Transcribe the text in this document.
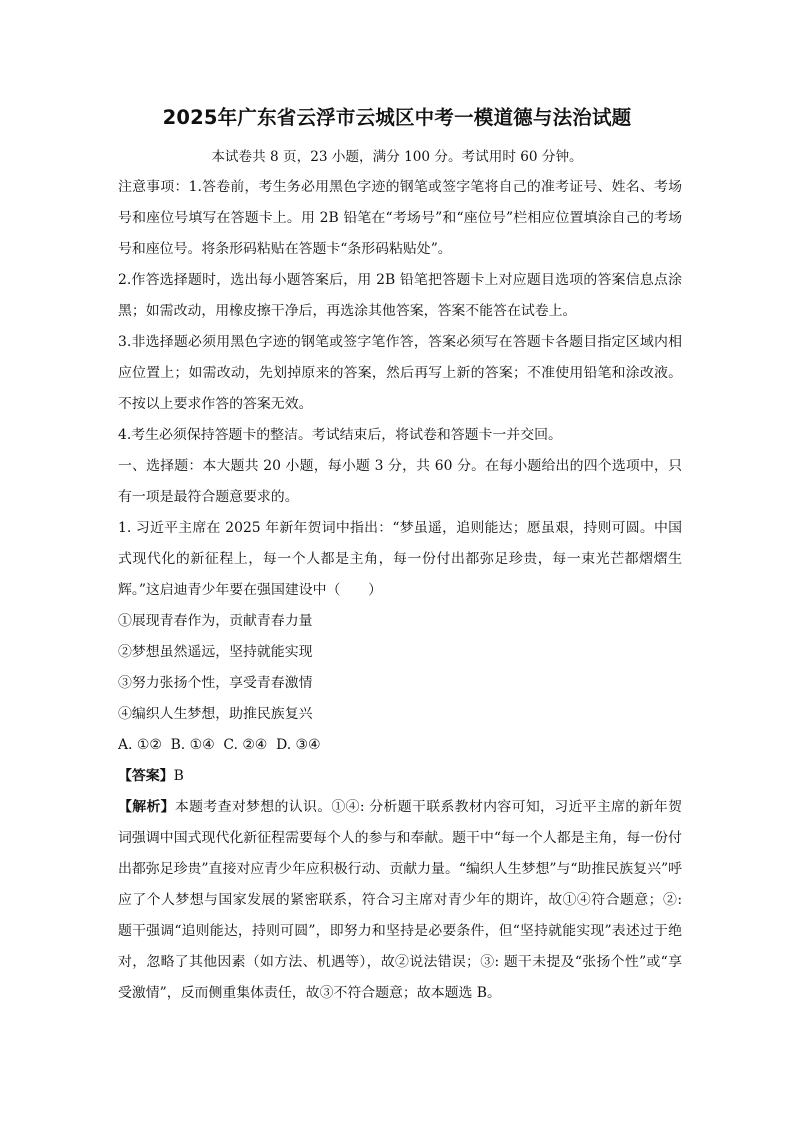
2025年广东省云浮市云城区中考一模道德与法治试题

本试卷共 8 页，23 小题，满分 100 分。考试用时 60 分钟。

注意事项：1.答卷前，考生务必用黑色字迹的钢笔或签字笔将自己的准考证号、姓名、考场号和座位号填写在答题卡上。用 2B 铅笔在“考场号”和“座位号”栏相应位置填涂自己的考场号和座位号。将条形码粘贴在答题卡“条形码粘贴处”。

2.作答选择题时，选出每小题答案后，用 2B 铅笔把答题卡上对应题目选项的答案信息点涂黑；如需改动，用橡皮擦干净后，再选涂其他答案，答案不能答在试卷上。

3.非选择题必须用黑色字迹的钢笔或签字笔作答，答案必须写在答题卡各题目指定区域内相应位置上；如需改动，先划掉原来的答案，然后再写上新的答案；不准使用铅笔和涂改液。不按以上要求作答的答案无效。

4.考生必须保持答题卡的整洁。考试结束后，将试卷和答题卡一并交回。

一、选择题：本大题共 20 小题，每小题 3 分，共 60 分。在每小题给出的四个选项中，只有一项是最符合题意要求的。

1. 习近平主席在 2025 年新年贺词中指出：“梦虽遥，追则能达；愿虽艰，持则可圆。中国式现代化的新征程上，每一个人都是主角，每一份付出都弥足珍贵，每一束光芒都熠熠生辉。”这启迪青少年要在强国建设中（　　）

①展现青春作为，贡献青春力量

②梦想虽然遥远，坚持就能实现

③努力张扬个性，享受青春激情

④编织人生梦想，助推民族复兴

A. ①②  B. ①④  C. ②④  D. ③④

【答案】B

【解析】本题考查对梦想的认识。①④: 分析题干联系教材内容可知，习近平主席的新年贺词强调中国式现代化新征程需要每个人的参与和奉献。题干中“每一个人都是主角，每一份付出都弥足珍贵”直接对应青少年应积极行动、贡献力量。“编织人生梦想”与“助推民族复兴”呼应了个人梦想与国家发展的紧密联系，符合习主席对青少年的期许，故①④符合题意；②: 题干强调“追则能达，持则可圆”，即努力和坚持是必要条件，但“坚持就能实现”表述过于绝对，忽略了其他因素（如方法、机遇等），故②说法错误；③: 题干未提及“张扬个性”或“享受激情”，反而侧重集体责任，故③不符合题意；故本题选 B。
